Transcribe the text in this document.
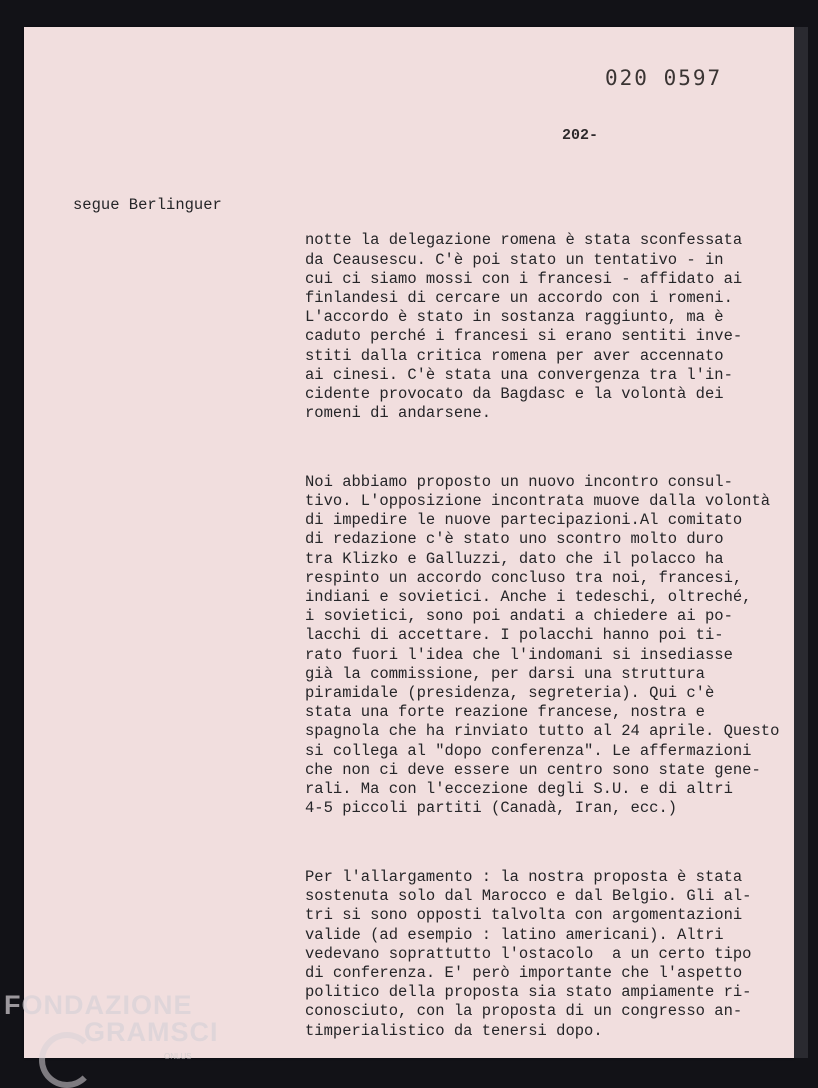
020 0597
202-
segue Berlinguer

notte la delegazione romena è stata sconfessata
da Ceausescu. C'è poi stato un tentativo - in
cui ci siamo mossi con i francesi - affidato ai
finlandesi di cercare un accordo con i romeni.
L'accordo è stato in sostanza raggiunto, ma è
caduto perché i francesi si erano sentiti inve-
stiti dalla critica romena per aver accennato
ai cinesi. C'è stata una convergenza tra l'in-
cidente provocato da Bagdasc e la volontà dei
romeni di andarsene.

Noi abbiamo proposto un nuovo incontro consul-
tivo. L'opposizione incontrata muove dalla volontà
di impedire le nuove partecipazioni.Al comitato
di redazione c'è stato uno scontro molto duro
tra Klizko e Galluzzi, dato che il polacco ha
respinto un accordo concluso tra noi, francesi,
indiani e sovietici. Anche i tedeschi, oltreché,
i sovietici, sono poi andati a chiedere ai po-
lacchi di accettare. I polacchi hanno poi ti-
rato fuori l'idea che l'indomani si insediasse
già la commissione, per darsi una struttura
piramidale (presidenza, segreteria). Qui c'è
stata una forte reazione francese, nostra e
spagnola che ha rinviato tutto al 24 aprile. Questo
si collega al "dopo conferenza". Le affermazioni
che non ci deve essere un centro sono state gene-
rali. Ma con l'eccezione degli S.U. e di altri
4-5 piccoli partiti (Canadà, Iran, ecc.)

Per l'allargamento : la nostra proposta è stata
sostenuta solo dal Marocco e dal Belgio. Gli al-
tri si sono opposti talvolta con argomentazioni
valide (ad esempio : latino americani). Altri
vedevano soprattutto l'ostacolo  a un certo tipo
di conferenza. E' però importante che l'aspetto
politico della proposta sia stato ampiamente ri-
conosciuto, con la proposta di un congresso an-
timperialistico da tenersi dopo.

FONDAZIONE
GRAMSCI
ONLUS
